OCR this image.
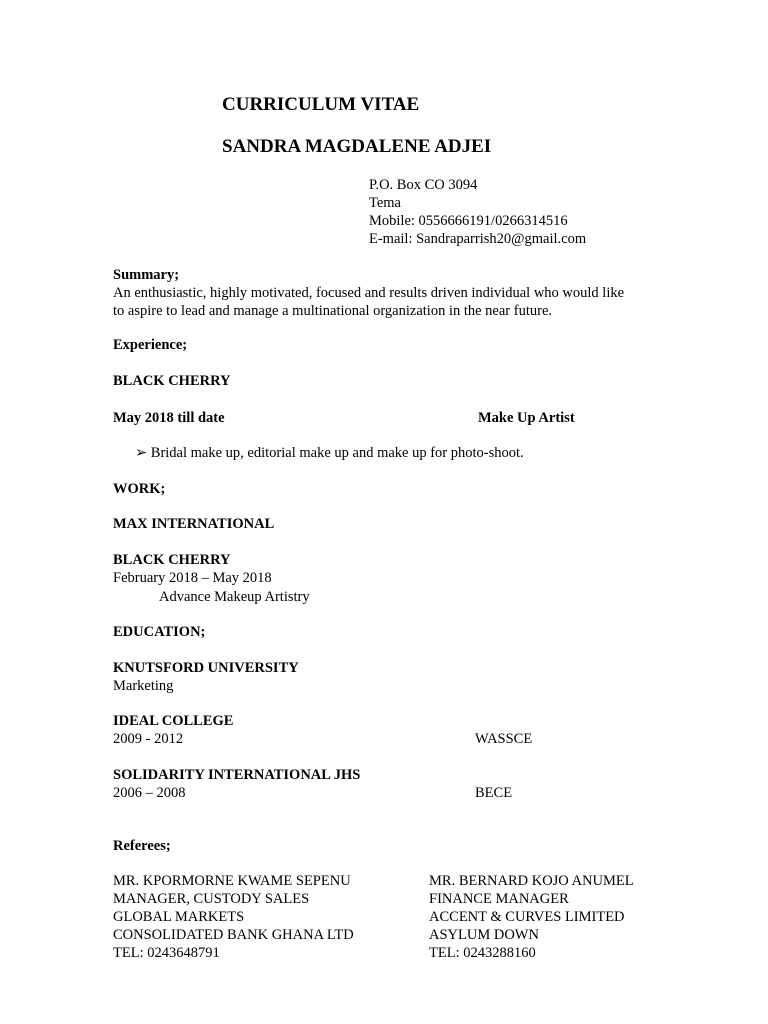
CURRICULUM VITAE
SANDRA MAGDALENE ADJEI
P.O. Box CO 3094
Tema
Mobile: 0556666191/0266314516
E-mail: Sandraparrish20@gmail.com
Summary;
An enthusiastic, highly motivated, focused and results driven individual who would like
to aspire to lead and manage a multinational organization in the near future.
Experience;
BLACK CHERRY
May 2018 till date	Make Up Artist
➢ Bridal make up, editorial make up and make up for photo-shoot.
WORK;
MAX INTERNATIONAL
BLACK CHERRY
February 2018 – May 2018
Advance Makeup Artistry
EDUCATION;
KNUTSFORD UNIVERSITY
Marketing
IDEAL COLLEGE
2009 - 2012	WASSCE
SOLIDARITY INTERNATIONAL JHS
2006 – 2008	BECE
Referees;
MR. KPORMORNE KWAME SEPENU
MANAGER, CUSTODY SALES
GLOBAL MARKETS
CONSOLIDATED BANK GHANA LTD
TEL: 0243648791
MR. BERNARD KOJO ANUMEL
FINANCE MANAGER
ACCENT & CURVES LIMITED
ASYLUM DOWN
TEL: 0243288160
